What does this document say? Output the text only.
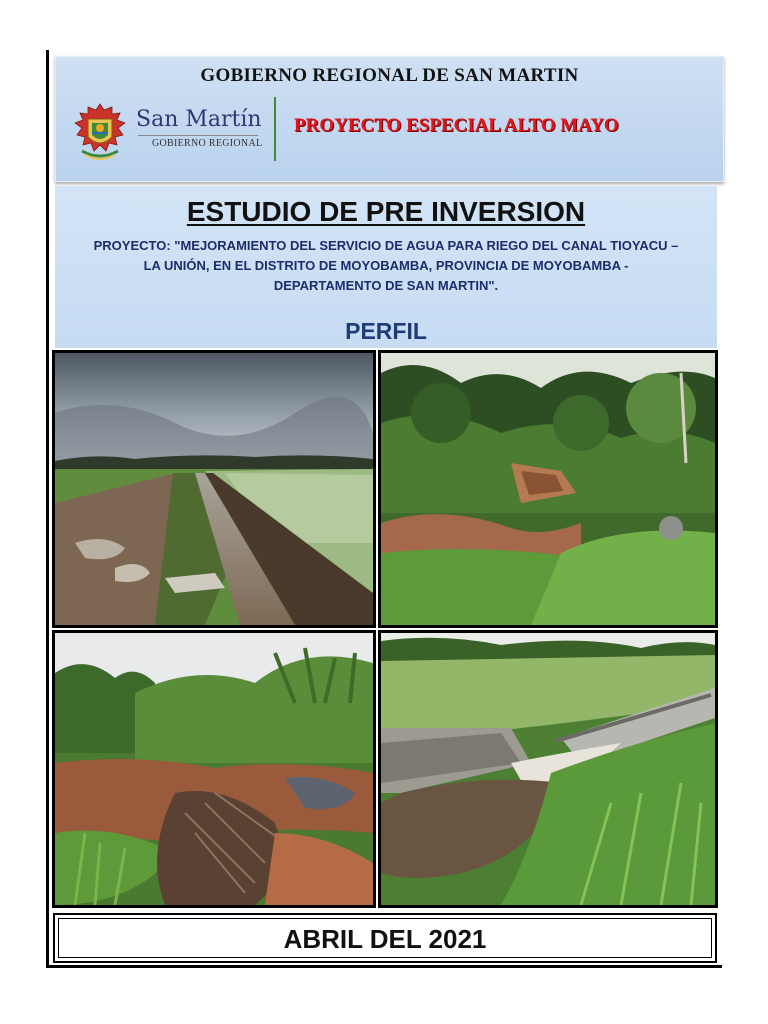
GOBIERNO REGIONAL DE SAN MARTIN
San Martín
GOBIERNO REGIONAL
PROYECTO ESPECIAL ALTO MAYO
ESTUDIO DE PRE INVERSION
PROYECTO: "MEJORAMIENTO DEL SERVICIO DE AGUA PARA RIEGO DEL CANAL TIOYACU –
LA UNIÓN, EN EL DISTRITO DE MOYOBAMBA, PROVINCIA DE MOYOBAMBA -
DEPARTAMENTO DE SAN MARTIN".
PERFIL
ABRIL DEL 2021
